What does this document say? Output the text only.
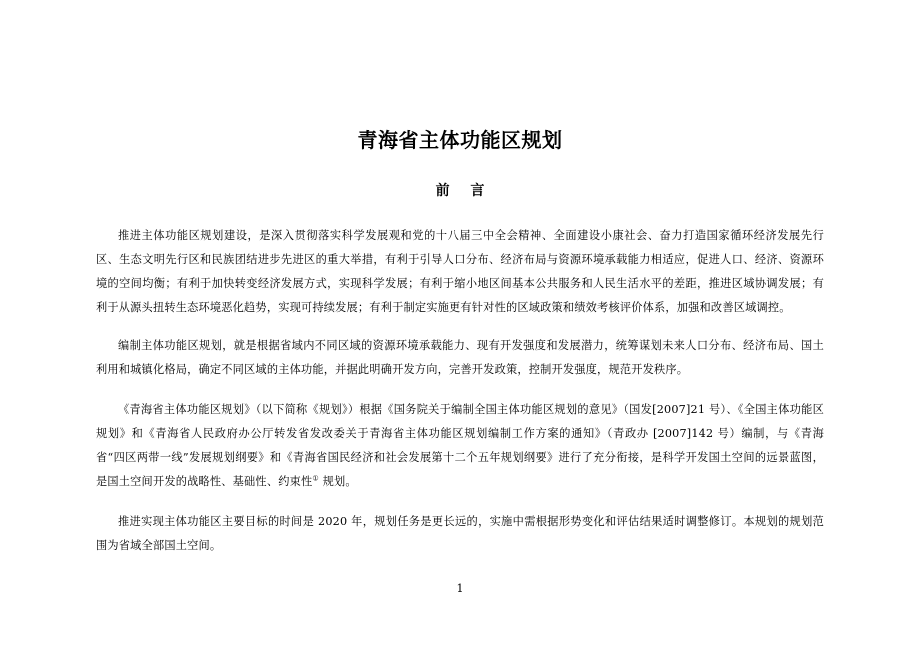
青海省主体功能区规划
前 言

推进主体功能区规划建设，是深入贯彻落实科学发展观和党的十八届三中全会精神、全面建设小康社会、奋力打造国家循环经济发展先行区、生态文明先行区和民族团结进步先进区的重大举措，有利于引导人口分布、经济布局与资源环境承载能力相适应，促进人口、经济、资源环境的空间均衡；有利于加快转变经济发展方式，实现科学发展；有利于缩小地区间基本公共服务和人民生活水平的差距，推进区域协调发展；有利于从源头扭转生态环境恶化趋势，实现可持续发展；有利于制定实施更有针对性的区域政策和绩效考核评价体系，加强和改善区域调控。

编制主体功能区规划，就是根据省域内不同区域的资源环境承载能力、现有开发强度和发展潜力，统筹谋划未来人口分布、经济布局、国土利用和城镇化格局，确定不同区域的主体功能，并据此明确开发方向，完善开发政策，控制开发强度，规范开发秩序。

《青海省主体功能区规划》（以下简称《规划》）根据《国务院关于编制全国主体功能区规划的意见》（国发[2007]21 号）、《全国主体功能区规划》和《青海省人民政府办公厅转发省发改委关于青海省主体功能区规划编制工作方案的通知》（青政办 [2007]142 号）编制，与《青海省“四区两带一线”发展规划纲要》和《青海省国民经济和社会发展第十二个五年规划纲要》进行了充分衔接，是科学开发国土空间的远景蓝图，是国土空间开发的战略性、基础性、约束性① 规划。

推进实现主体功能区主要目标的时间是 2020 年，规划任务是更长远的，实施中需根据形势变化和评估结果适时调整修订。本规划的规划范围为省域全部国土空间。

1
